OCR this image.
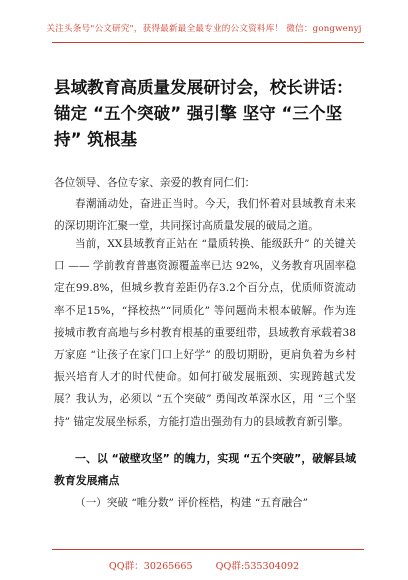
关注头条号"公文研究"，获得最新最全最专业的公文资料库！ 微信：gongwenyj
县域教育高质量发展研讨会，校长讲话：锚定 “五个突破” 强引擎 坚守 “三个坚持” 筑根基
各位领导、各位专家、亲爱的教育同仁们：
春潮涌动处，奋进正当时。今天，我们怀着对县域教育未来的深切期许汇聚一堂，共同探讨高质量发展的破局之道。
当前，XX县域教育正站在 “量质转换、能级跃升” 的关键关口 —— 学前教育普惠资源覆盖率已达 92%，义务教育巩固率稳定在99.8%，但城乡教育差距仍存3.2个百分点，优质师资流动率不足15%，“择校热”“同质化” 等问题尚未根本破解。作为连接城市教育高地与乡村教育根基的重要纽带，县域教育承载着38万家庭 “让孩子在家门口上好学” 的殷切期盼，更肩负着为乡村振兴培育人才的时代使命。如何打破发展瓶颈、实现跨越式发展？我认为，必须以 “五个突破” 勇闯改革深水区，用 “三个坚持” 锚定发展坐标系，方能打造出强劲有力的县域教育新引擎。
一、以 “破壁攻坚” 的魄力，实现 “五个突破”，破解县域教育发展痛点
（一）突破 “唯分数” 评价桎梏，构建 “五育融合”
QQ群：30265665 QQ群:535304092
